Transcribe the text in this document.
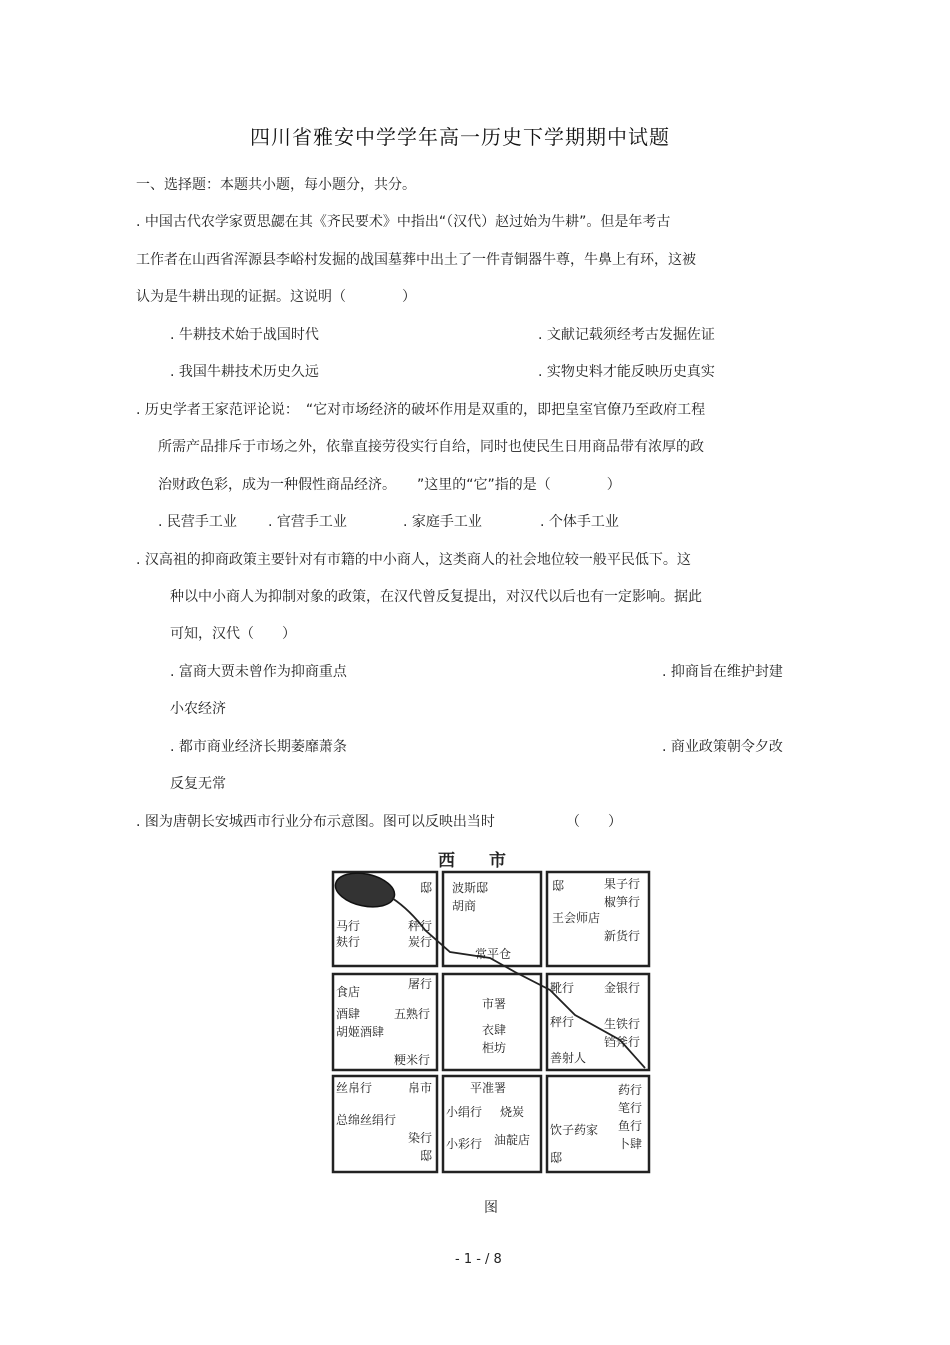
四川省雅安中学学年高一历史下学期期中试题
一、选择题：本题共小题，每小题分，共分。
. 中国古代农学家贾思勰在其《齐民要术》中指出“（汉代）赵过始为牛耕”。但是年考古
工作者在山西省浑源县李峪村发掘的战国墓葬中出土了一件青铜器牛尊，牛鼻上有环，这被
认为是牛耕出现的证据。这说明（　　　　）
. 牛耕技术始于战国时代	. 文献记载须经考古发掘佐证
. 我国牛耕技术历史久远	. 实物史料才能反映历史真实
. 历史学者王家范评论说：　“它对市场经济的破坏作用是双重的，即把皇室官僚乃至政府工程
所需产品排斥于市场之外，依靠直接劳役实行自给，同时也使民生日用商品带有浓厚的政
治财政色彩，成为一种假性商品经济。　　”这里的“它”指的是（　　　　）
. 民营手工业 . 官营手工业	. 家庭手工业	. 个体手工业
. 汉高祖的抑商政策主要针对有市籍的中小商人，这类商人的社会地位较一般平民低下。这
种以中小商人为抑制对象的政策，在汉代曾反复提出，对汉代以后也有一定影响。据此
可知，汉代（　　）
. 富商大贾未曾作为抑商重点	. 抑商旨在维护封建
小农经济
. 都市商业经济长期萎靡萧条	. 商业政策朝令夕改
反复无常
. 图为唐朝长安城西市行业分布示意图。图可以反映出当时	（　　）
西　　市
邸
马行
麸行
秤行
炭行
波斯邸
胡商
常平仓
邸	果子行
椒笋行
王会师店
新货行
屠行
食店
酒肆	五熟行
胡姬酒肆
粳米行
市署
衣肆
柜坊
靴行 金银行
秤行 生铁行
铛斧行
善射人
丝帛行	帛市
总绵丝绢行
染行
邸
平准署
小绢行 烧炭
小彩行 油靛店
药行
笔行
饮子药家 鱼行
卜肆
邸
图
- 1 - / 8
